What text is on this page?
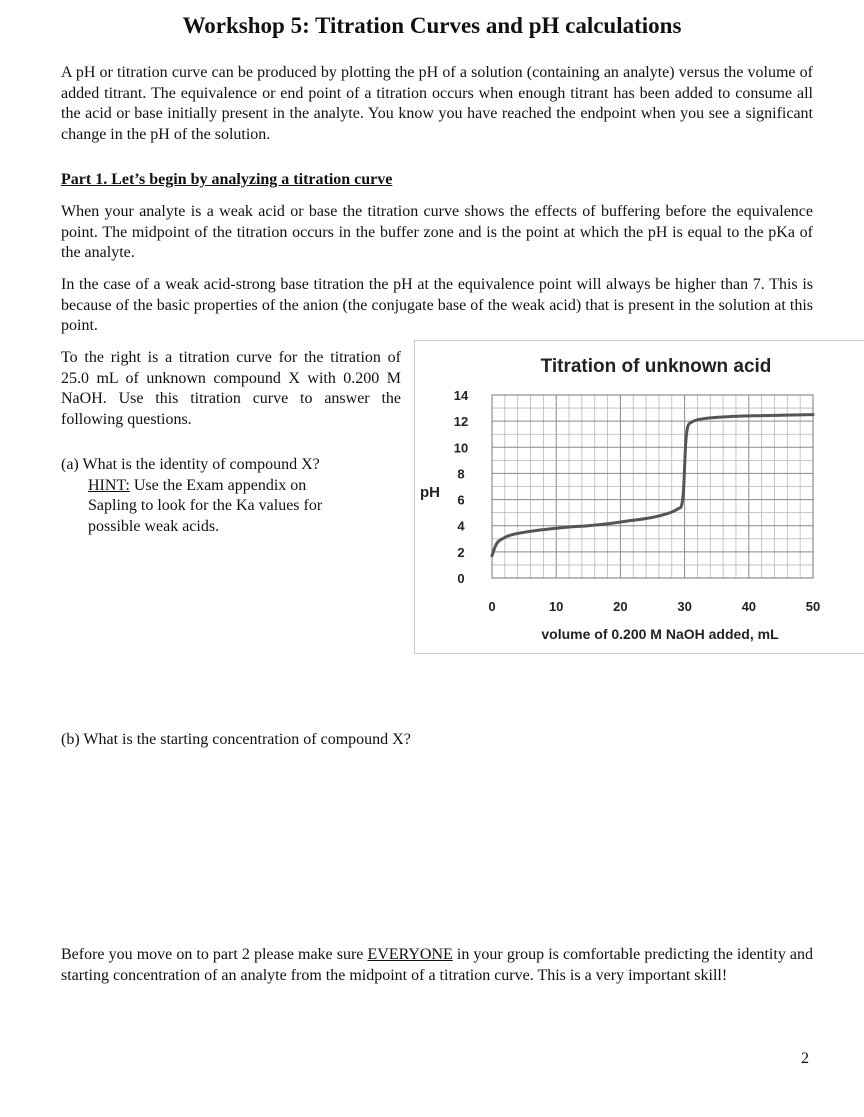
Workshop 5: Titration Curves and pH calculations

A pH or titration curve can be produced by plotting the pH of a solution (containing an analyte) versus the volume of added titrant. The equivalence or end point of a titration occurs when enough titrant has been added to consume all the acid or base initially present in the analyte. You know you have reached the endpoint when you see a significant change in the pH of the solution.

Part 1. Let’s begin by analyzing a titration curve

When your analyte is a weak acid or base the titration curve shows the effects of buffering before the equivalence point. The midpoint of the titration occurs in the buffer zone and is the point at which the pH is equal to the pKa of the analyte.

In the case of a weak acid-strong base titration the pH at the equivalence point will always be higher than 7. This is because of the basic properties of the anion (the conjugate base of the weak acid) that is present in the solution at this point.

To the right is a titration curve for the titration of 25.0 mL of unknown compound X with 0.200 M NaOH. Use this titration curve to answer the following questions.

(a) What is the identity of compound X?
HINT: Use the Exam appendix on
Sapling to look for the Ka values for
possible weak acids.
Titration of unknown acid
pH
volume of 0.200 M NaOH added, mL
0
2
4
6
8
10
12
14
0	10	20	30	40	50
(b) What is the starting concentration of compound X?

Before you move on to part 2 please make sure EVERYONE in your group is comfortable predicting the identity and starting concentration of an analyte from the midpoint of a titration curve. This is a very important skill!

2
